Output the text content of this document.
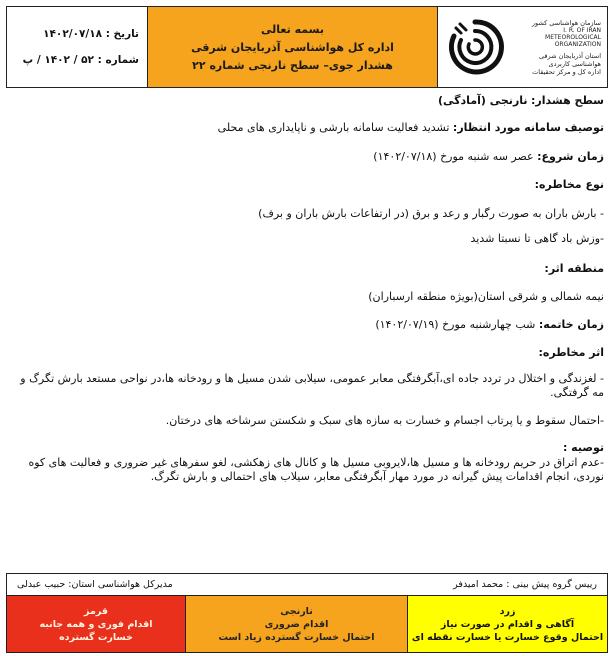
سازمان هواشناسی کشور
I. R. OF IRAN
METEOROLOGICAL
ORGANIZATION
استان آذربایجان شرقی
هواشناسی کاربردی
اداره کل و مرکز تحقیقات
بسمه تعالی
اداره کل هواشناسی آذربایجان شرقی
هشدار جوی– سطح نارنجی شماره ۲۲
تاریخ : ۱۴۰۲/۰۷/۱۸
شماره : ۵۲ / ۱۴۰۲ / پ
سطح هشدار: نارنجی (آمادگی)
توصیف سامانه مورد انتظار: تشدید فعالیت سامانه بارشی و ناپایداری های محلی
زمان شروع: عصر سه شنبه مورخ (۱۴۰۲/۰۷/۱۸)
نوع مخاطره:
- بارش باران به صورت رگبار و رعد و برق (در ارتفاعات بارش باران و برف)
-وزش باد گاهی تا نسبتا شدید
منطقه اثر:
نیمه شمالی و شرقی استان(بویژه منطقه ارسباران)
زمان خاتمه: شب چهارشنبه مورخ (۱۴۰۲/۰۷/۱۹)
اثر مخاطره:
- لغزندگی و اختلال در تردد جاده ای،آبگرفتگی معابر عمومی، سیلابی شدن مسیل ها و رودخانه ها،در نواحی مستعد بارش تگرگ و مه گرفتگی.
-احتمال سقوط و یا پرتاب اجسام و خسارت به سازه های سبک و شکستن سرشاخه های درختان.
توصیه :
-عدم اتراق در حریم رودخانه ها و مسیل ها،لایروبی مسیل ها و کانال های زهکشی، لغو سفرهای غیر ضروری و فعالیت های کوه نوردی، انجام اقدامات پیش گیرانه در مورد مهار آبگرفتگی معابر، سیلاب های احتمالی و بارش تگرگ.
رییس گروه پیش بینی : محمد امیدفر
مدیرکل هواشناسی استان: حبیب عبدلی
زرد
آگاهی و اقدام در صورت نیاز
احتمال وقوع خسارت یا خسارت نقطه ای
نارنجی
اقدام ضروری
احتمال خسارت گسترده زیاد است
قرمز
اقدام فوری و همه جانبه
خسارت گسترده
